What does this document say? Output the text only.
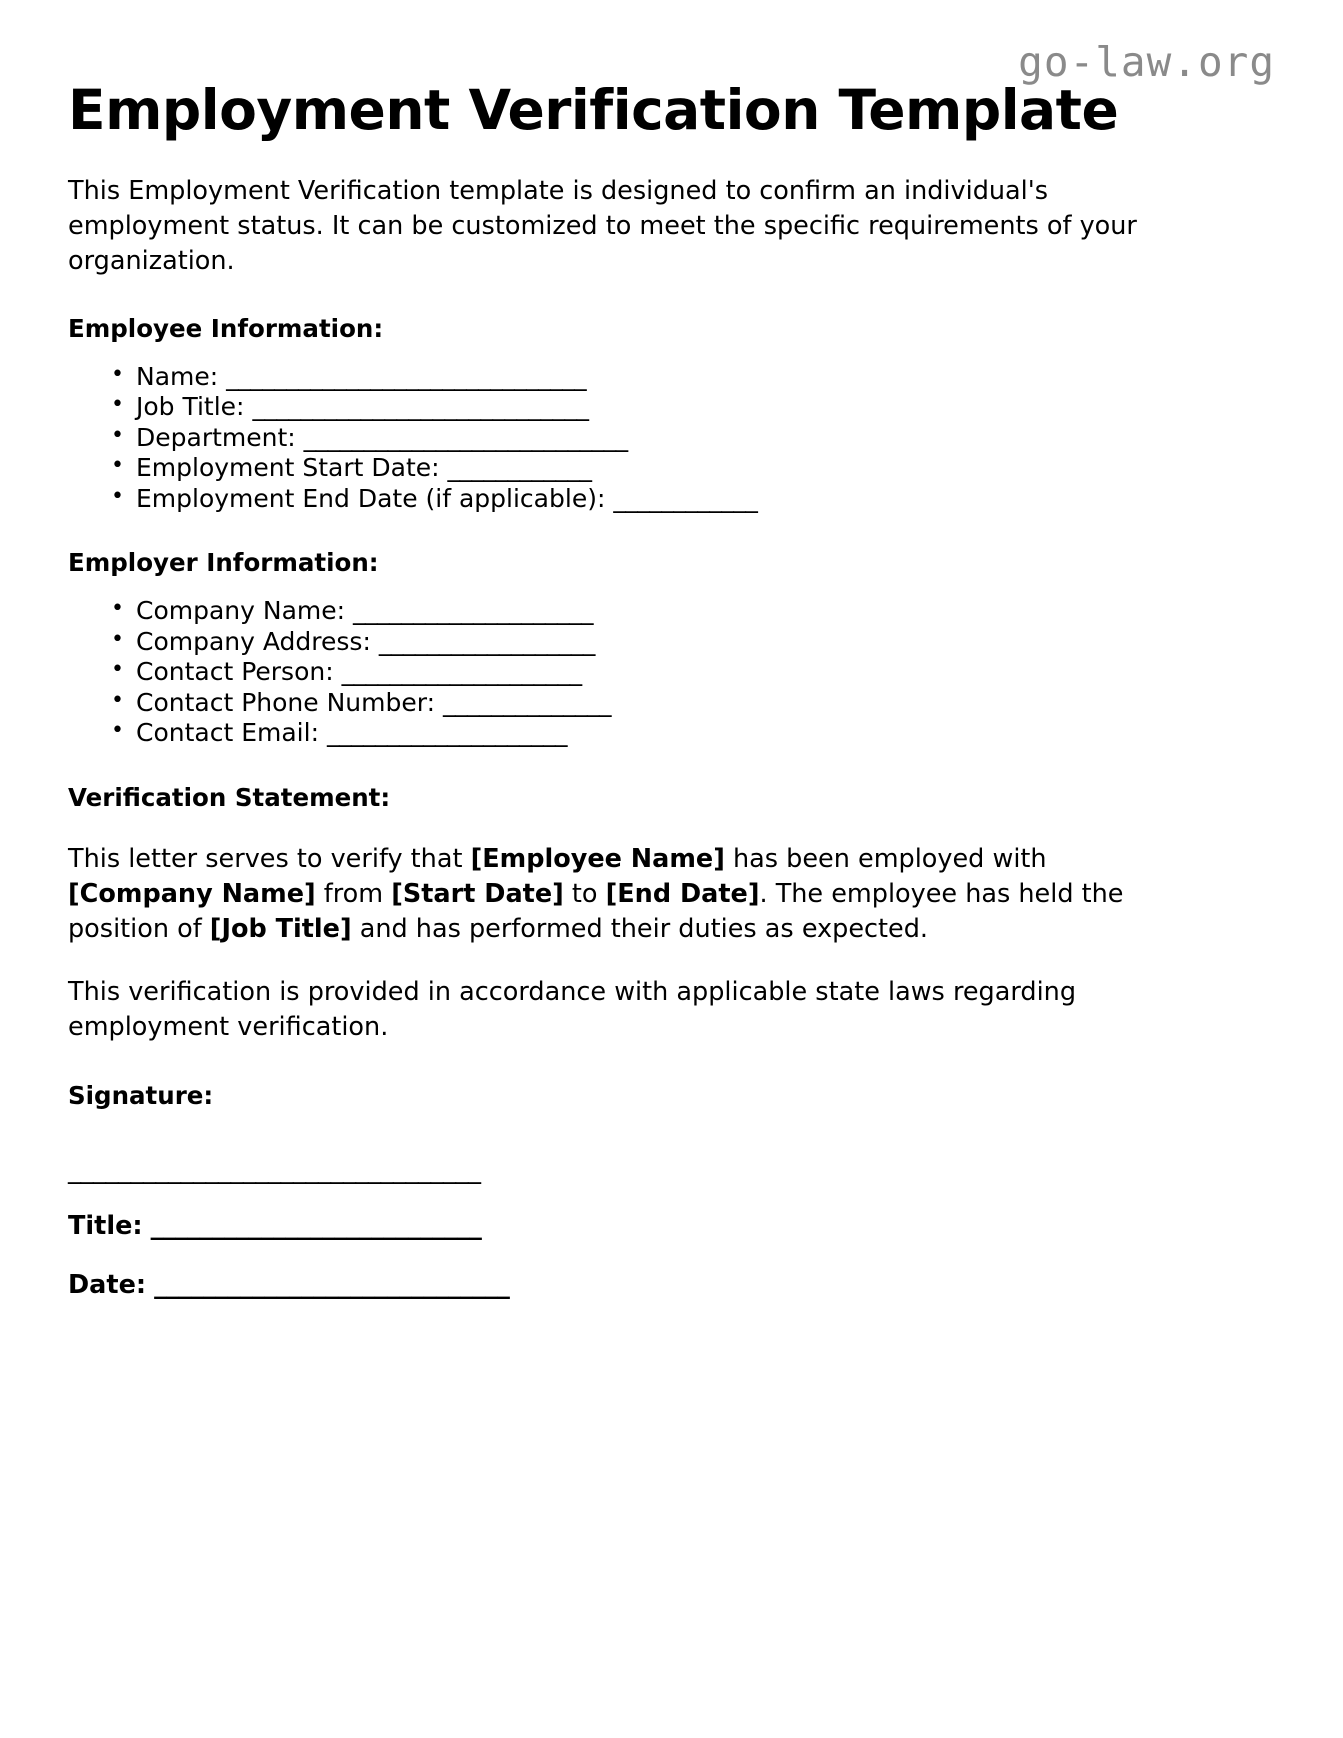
go-law.org
Employment Verification Template

This Employment Verification template is designed to confirm an individual's employment status. It can be customized to meet the specific requirements of your organization.

Employee Information:
• Name: ______________________________
• Job Title: ____________________________
• Department: ___________________________
• Employment Start Date: ____________
• Employment End Date (if applicable): ____________
Employer Information:
• Company Name: ____________________
• Company Address: __________________
• Contact Person: ____________________
• Contact Phone Number: ______________
• Contact Email: ____________________
Verification Statement:

This letter serves to verify that [Employee Name] has been employed with [Company Name] from [Start Date] to [End Date]. The employee has held the position of [Job Title] and has performed their duties as expected.

This verification is provided in accordance with applicable state laws regarding employment verification.

Signature:
_________________________________

Title: ___________________________

Date: _____________________________
